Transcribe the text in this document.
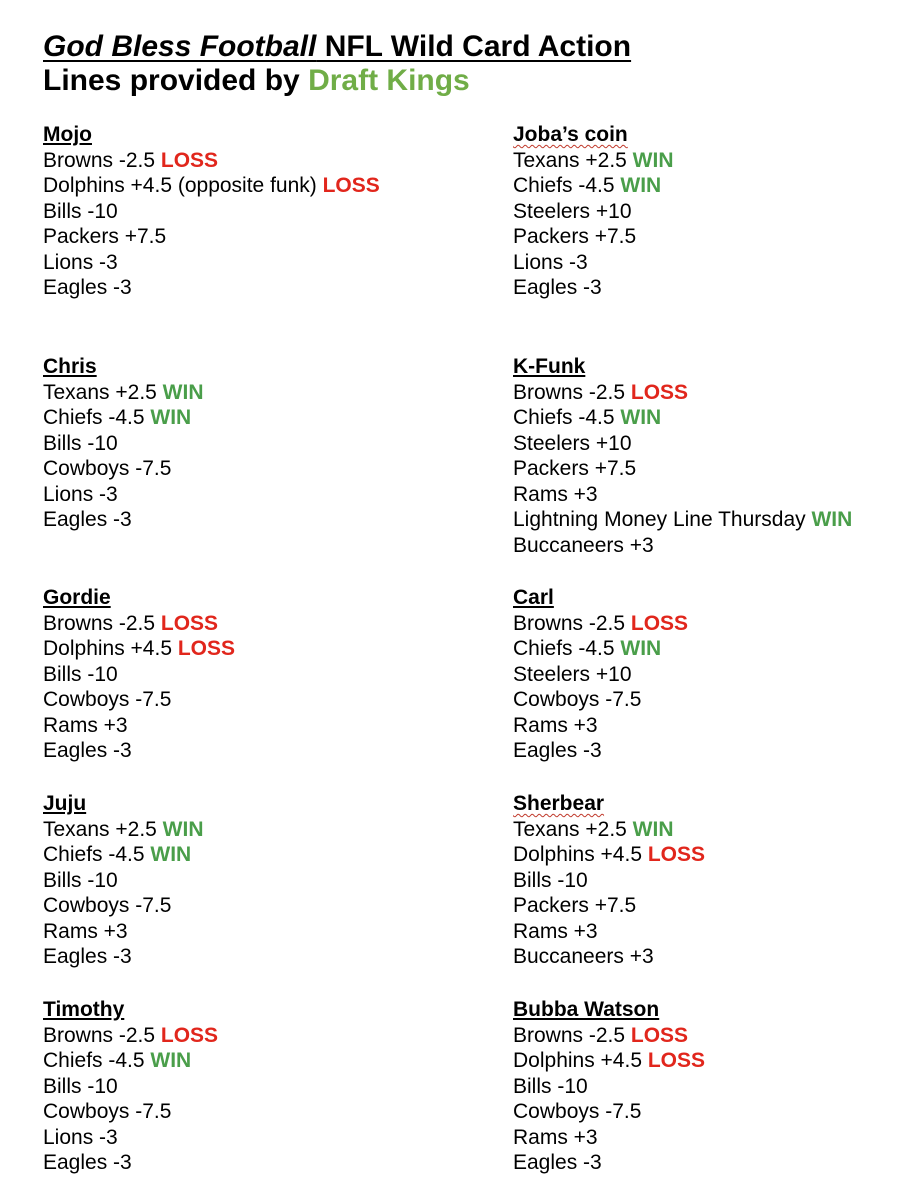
God Bless Football NFL Wild Card Action
Lines provided by Draft Kings
Mojo
Browns -2.5 LOSS
Dolphins +4.5 (opposite funk) LOSS
Bills -10
Packers +7.5
Lions -3
Eagles -3
Chris
Texans +2.5 WIN
Chiefs -4.5 WIN
Bills -10
Cowboys -7.5
Lions -3
Eagles -3
Gordie
Browns -2.5 LOSS
Dolphins +4.5 LOSS
Bills -10
Cowboys -7.5
Rams +3
Eagles -3
Juju
Texans +2.5 WIN
Chiefs -4.5 WIN
Bills -10
Cowboys -7.5
Rams +3
Eagles -3
Timothy
Browns -2.5 LOSS
Chiefs -4.5 WIN
Bills -10
Cowboys -7.5
Lions -3
Eagles -3
Joba’s coin
Texans +2.5 WIN
Chiefs -4.5 WIN
Steelers +10
Packers +7.5
Lions -3
Eagles -3
K-Funk
Browns -2.5 LOSS
Chiefs -4.5 WIN
Steelers +10
Packers +7.5
Rams +3
Lightning Money Line Thursday WIN
Buccaneers +3
Carl
Browns -2.5 LOSS
Chiefs -4.5 WIN
Steelers +10
Cowboys -7.5
Rams +3
Eagles -3
Sherbear
Texans +2.5 WIN
Dolphins +4.5 LOSS
Bills -10
Packers +7.5
Rams +3
Buccaneers +3
Bubba Watson
Browns -2.5 LOSS
Dolphins +4.5 LOSS
Bills -10
Cowboys -7.5
Rams +3
Eagles -3
